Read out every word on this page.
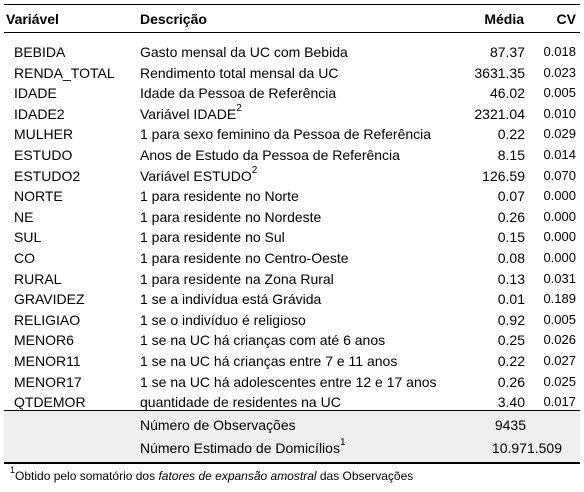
Variável	Descrição	Média CV
BEBIDA	Gasto mensal da UC com Bebida	87.37 0.018
RENDA_TOTAL Rendimento total mensal da UC	3631.35 0.023
IDADE	Idade da Pessoa de Referência	46.02 0.005
IDADE2	Variável IDADE$^2$	2321.04 0.010
MULHER	1 para sexo feminino da Pessoa de Referência	0.22 0.029
ESTUDO	Anos de Estudo da Pessoa de Referência	8.15 0.014
ESTUDO2	Variável ESTUDO$^2$	126.59 0.070
NORTE	1 para residente no Norte	0.07 0.000
NE	1 para residente no Nordeste	0.26 0.000
SUL	1 para residente no Sul	0.15 0.000
CO	1 para residente no Centro-Oeste	0.08 0.000
RURAL	1 para residente na Zona Rural	0.13 0.031
GRAVIDEZ	1 se a indivídua está Grávida	0.01 0.189
RELIGIAO	1 se o indivíduo é religioso	0.92 0.005
MENOR6	1 se na UC há crianças com até 6 anos	0.25 0.026
MENOR11	1 se na UC há crianças entre 7 e 11 anos	0.22 0.027
MENOR17	1 se na UC há adolescentes entre 12 e 17 anos	0.26 0.025
QTDEMOR	quantidade de residentes na UC	3.40 0.017
Número de Observações	9435
Número Estimado de Domicílios$^1$	10.971.509
$^1$Obtido pelo somatório dos fatores de expansão amostral das Observações
